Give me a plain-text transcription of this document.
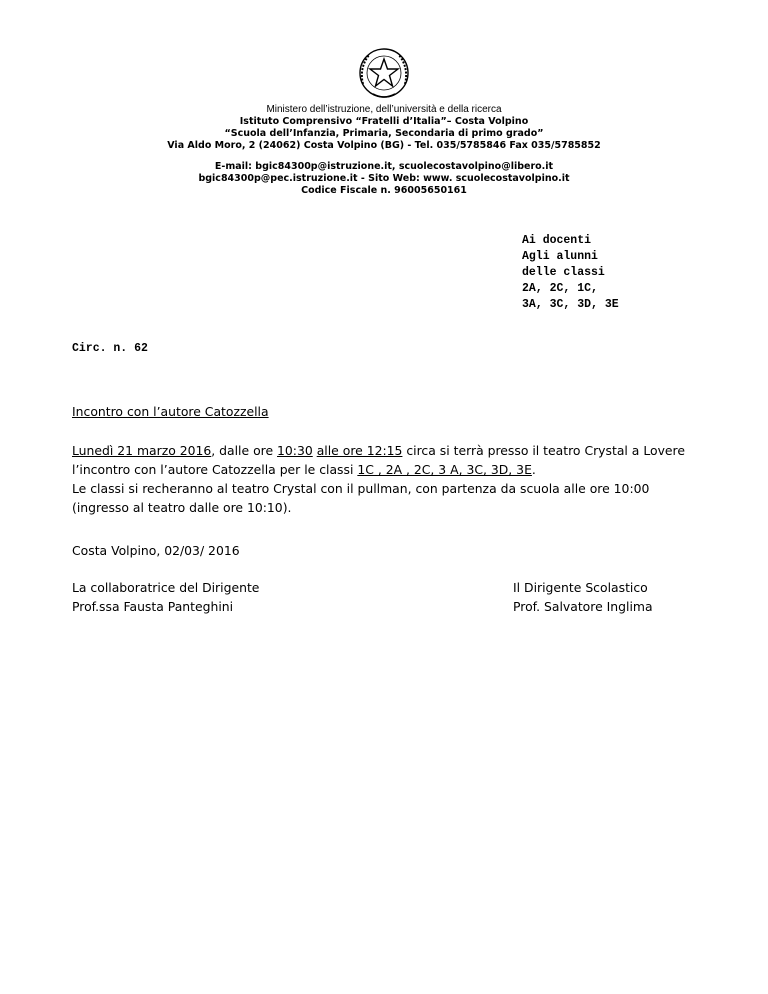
Ministero dell’istruzione, dell’università e della ricerca
Istituto Comprensivo “Fratelli d’Italia”– Costa Volpino
“Scuola dell’Infanzia, Primaria, Secondaria di primo grado”
Via Aldo Moro, 2 (24062) Costa Volpino (BG) - Tel. 035/5785846 Fax 035/5785852
E-mail: bgic84300p@istruzione.it, scuolecostavolpino@libero.it
bgic84300p@pec.istruzione.it - Sito Web: www. scuolecostavolpino.it
Codice Fiscale n. 96005650161
Ai docenti
Agli alunni
delle classi
2A, 2C, 1C,
3A, 3C, 3D, 3E
Circ. n. 62
Incontro con l’autore Catozzella
Lunedì 21 marzo 2016, dalle ore 10:30 alle ore 12:15 circa si terrà presso il teatro Crystal a Lovere
l’incontro con l’autore Catozzella per le classi 1C , 2A , 2C, 3 A, 3C, 3D, 3E.
Le classi si recheranno al teatro Crystal con il pullman, con partenza da scuola alle ore 10:00
(ingresso al teatro dalle ore 10:10).
Costa Volpino, 02/03/ 2016
La collaboratrice del Dirigente
Prof.ssa Fausta Panteghini
Il Dirigente Scolastico
Prof. Salvatore Inglima
